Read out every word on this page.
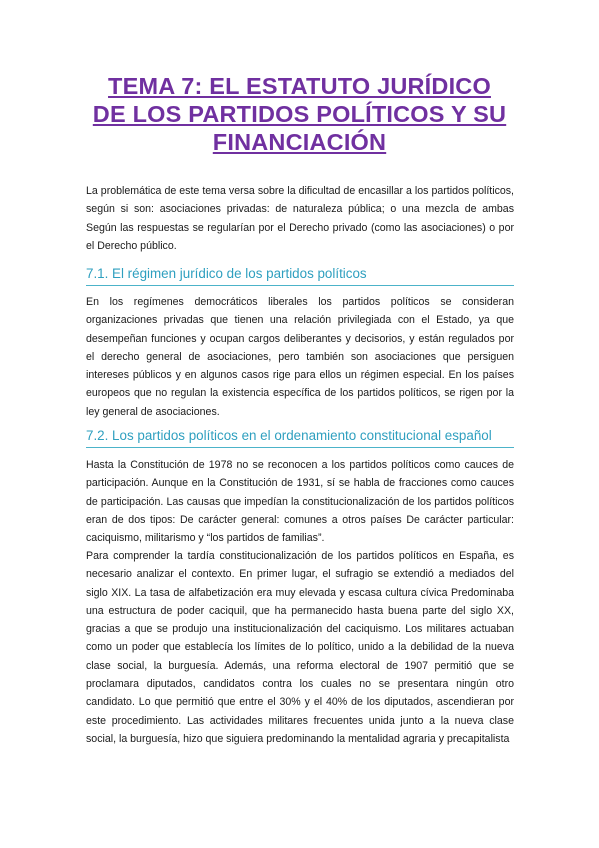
TEMA 7: EL ESTATUTO JURÍDICO
DE LOS PARTIDOS POLÍTICOS Y SU
FINANCIACIÓN
La problemática de este tema versa sobre la dificultad de encasillar a los partidos políticos, según si son: asociaciones privadas: de naturaleza pública; o una mezcla de ambas Según las respuestas se regularían por el Derecho privado (como las asociaciones) o por el Derecho público.
7.1. El régimen jurídico de los partidos políticos
En los regímenes democráticos liberales los partidos políticos se consideran organizaciones privadas que tienen una relación privilegiada con el Estado, ya que desempeñan funciones y ocupan cargos deliberantes y decisorios, y están regulados por el derecho general de asociaciones, pero también son asociaciones que persiguen intereses públicos y en algunos casos rige para ellos un régimen especial. En los países europeos que no regulan la existencia específica de los partidos políticos, se rigen por la ley general de asociaciones.
7.2. Los partidos políticos en el ordenamiento constitucional español
Hasta la Constitución de 1978 no se reconocen a los partidos políticos como cauces de participación. Aunque en la Constitución de 1931, sí se habla de fracciones como cauces de participación. Las causas que impedían la constitucionalización de los partidos políticos eran de dos tipos: De carácter general: comunes a otros países De carácter particular: caciquismo, militarismo y “los partidos de familias”.
Para comprender la tardía constitucionalización de los partidos políticos en España, es necesario analizar el contexto. En primer lugar, el sufragio se extendió a mediados del siglo XIX. La tasa de alfabetización era muy elevada y escasa cultura cívica Predominaba una estructura de poder caciquil, que ha permanecido hasta buena parte del siglo XX, gracias a que se produjo una institucionalización del caciquismo. Los militares actuaban como un poder que establecía los límites de lo político, unido a la debilidad de la nueva clase social, la burguesía. Además, una reforma electoral de 1907 permitió que se proclamara diputados, candidatos contra los cuales no se presentara ningún otro candidato. Lo que permitió que entre el 30% y el 40% de los diputados, ascendieran por este procedimiento. Las actividades militares frecuentes unida junto a la nueva clase social, la burguesía, hizo que siguiera predominando la mentalidad agraria y precapitalista
